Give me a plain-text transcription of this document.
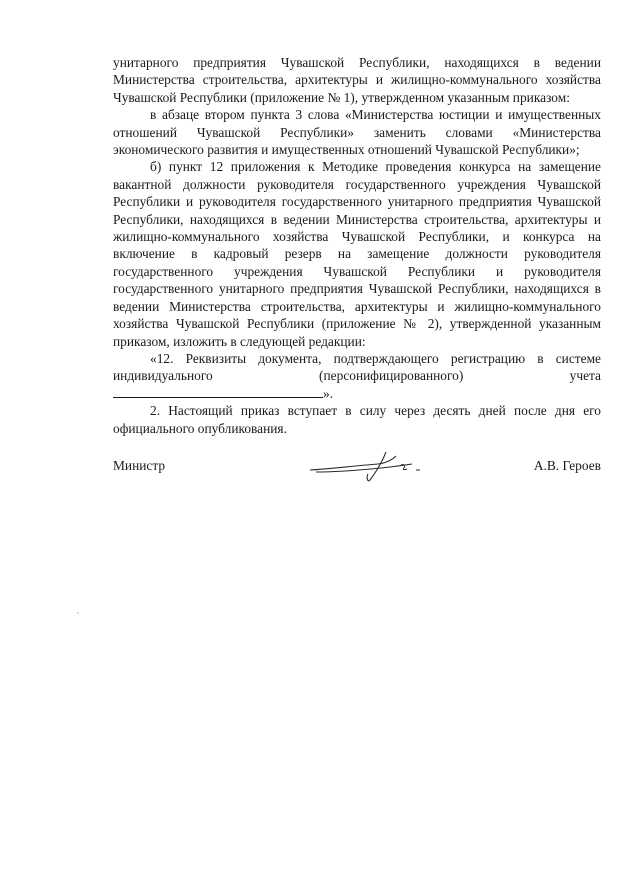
унитарного предприятия Чувашской Республики, находящихся в ведении Министерства строительства, архитектуры и жилищно-коммунального хозяйства Чувашской Республики (приложение № 1), утвержденном указанным приказом:

в абзаце втором пункта 3 слова «Министерства юстиции и имущественных отношений Чувашской Республики» заменить словами «Министерства экономического развития и имущественных отношений Чувашской Республики»;

б) пункт 12 приложения к Методике проведения конкурса на замещение вакантной должности руководителя государственного учреждения Чувашской Республики и руководителя государственного унитарного предприятия Чувашской Республики, находящихся в ведении Министерства строительства, архитектуры и жилищно-коммунального хозяйства Чувашской Республики, и конкурса на включение в кадровый резерв на замещение должности руководителя государственного учреждения Чувашской Республики и руководителя государственного унитарного предприятия Чувашской Республики, находящихся в ведении Министерства строительства, архитектуры и жилищно-коммунального хозяйства Чувашской Республики (приложение № 2), утвержденной указанным приказом, изложить в следующей редакции:

«12. Реквизиты документа, подтверждающего регистрацию в системе индивидуального (персонифицированного) учета ».

2. Настоящий приказ вступает в силу через десять дней после дня его официального опубликования.

Министр	А.В. Героев
